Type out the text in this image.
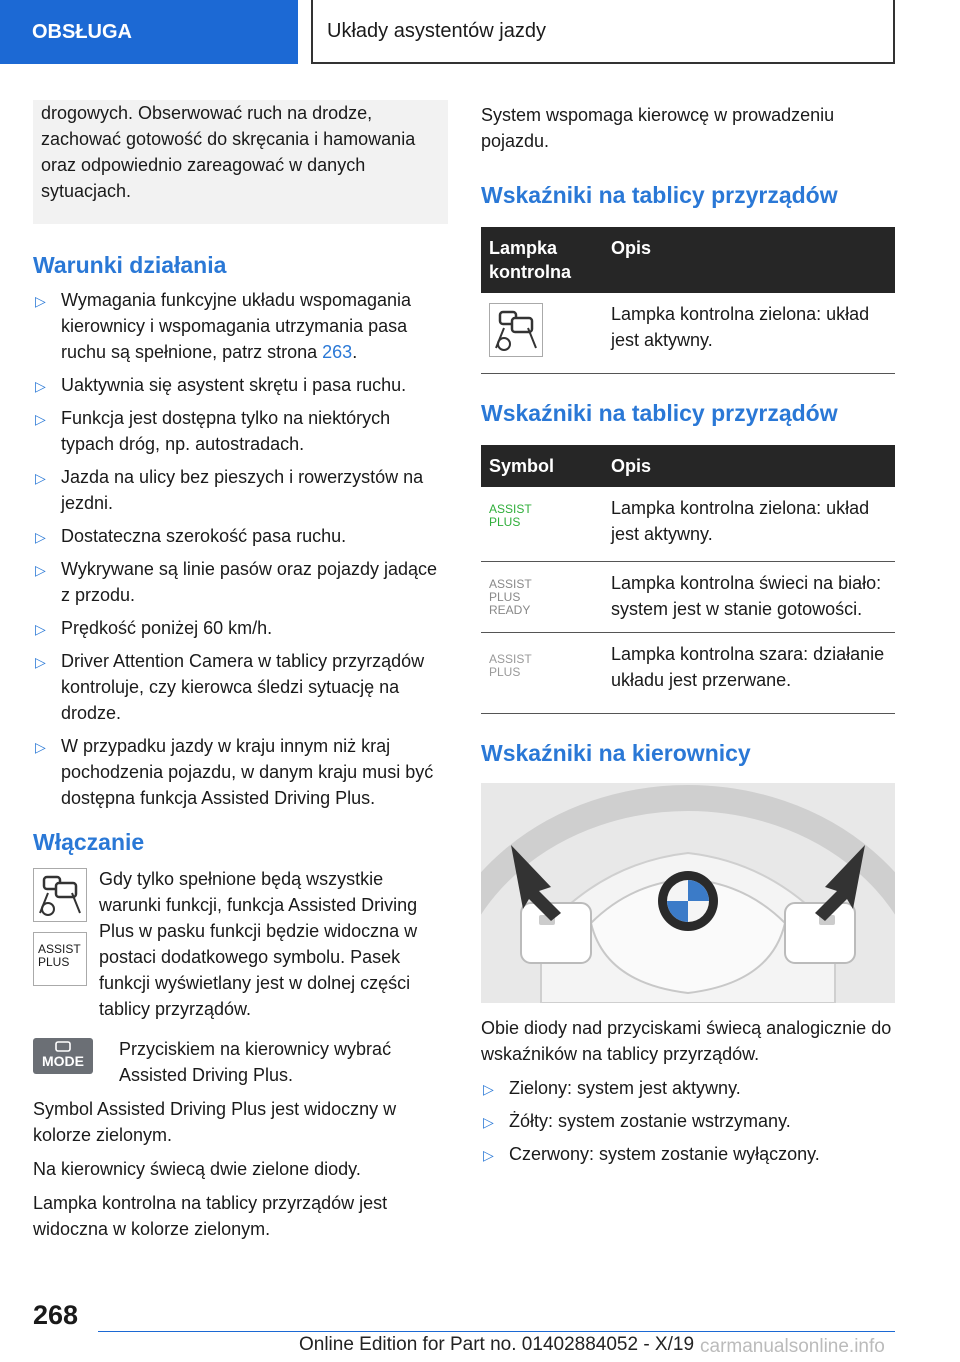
OBSŁUGA	Układy asystentów jazdy

drogowych. Obserwować ruch na drodze, zachować gotowość do skręcania i hamowania oraz odpowiednio zareagować w danych sytuacjach.

Warunki działania
▷ Wymagania funkcyjne układu wspomagania kierownicy i wspomagania utrzymania pasa ruchu są spełnione, patrz strona 263.
▷ Uaktywnia się asystent skrętu i pasa ruchu.
▷ Funkcja jest dostępna tylko na niektórych typach dróg, np. autostradach.
▷ Jazda na ulicy bez pieszych i rowerzystów na jezdni.
▷ Dostateczna szerokość pasa ruchu.
▷ Wykrywane są linie pasów oraz pojazdy jadące z przodu.
▷ Prędkość poniżej 60 km/h.
▷ Driver Attention Camera w tablicy przyrządów kontroluje, czy kierowca śledzi sytuację na drodze.
▷ W przypadku jazdy w kraju innym niż kraj pochodzenia pojazdu, w danym kraju musi być dostępna funkcja Assisted Driving Plus.
Włączanie
ASSIST
PLUS

Gdy tylko spełnione będą wszystkie warunki funkcji, funkcja Assisted Driving Plus w pasku funkcji będzie widoczna w postaci dodatkowego symbolu. Pasek funkcji wyświetlany jest w dolnej części tablicy przyrządów.

MODE

Przyciskiem na kierownicy wybrać Assisted Driving Plus.

Symbol Assisted Driving Plus jest widoczny w kolorze zielonym.

Na kierownicy świecą dwie zielone diody.

Lampka kontrolna na tablicy przyrządów jest widoczna w kolorze zielonym.

System wspomaga kierowcę w prowadzeniu pojazdu.

Wskaźniki na tablicy przyrządów
Lampka kontrolna	Opis
	Lampka kontrolna zielona: układ jest aktywny.
Wskaźniki na tablicy przyrządów
Symbol	Opis

ASSIST
PLUS	Lampka kontrolna zielona: układ jest aktywny.

ASSIST
PLUS
READY	Lampka kontrolna świeci na biało: system jest w stanie gotowości.

ASSIST
PLUS	Lampka kontrolna szara: działanie układu jest przerwane.
Wskaźniki na kierownicy

Obie diody nad przyciskami świecą analogicznie do wskaźników na tablicy przyrządów.

▷ Zielony: system jest aktywny.
▷ Żółty: system zostanie wstrzymany.
▷ Czerwony: system zostanie wyłączony.
268
Online Edition for Part no. 01402884052 - X/19 carmanualsonline.info
